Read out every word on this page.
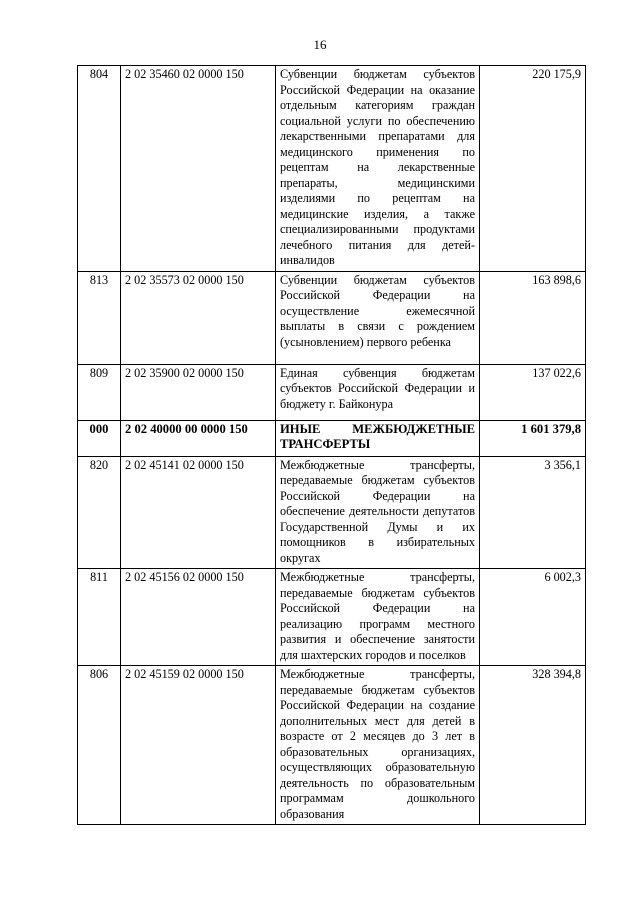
16
804	2 02 35460 02 0000 150	Субвенции бюджетам субъектов Российской Федерации на оказание отдельным категориям граждан социальной услуги по обеспечению лекарственными препаратами для медицинского применения по рецептам на лекарственные препараты, медицинскими изделиями по рецептам на медицинские изделия, а также специализированными продуктами лечебного питания для детей-инвалидов	220 175,9
813	2 02 35573 02 0000 150	Субвенции бюджетам субъектов Российской Федерации на осуществление ежемесячной выплаты в связи с рождением (усыновлением) первого ребенка	163 898,6
809	2 02 35900 02 0000 150	Единая субвенция бюджетам субъектов Российской Федерации и бюджету г. Байконура	137 022,6
000	2 02 40000 00 0000 150	ИНЫЕ МЕЖБЮДЖЕТНЫЕ ТРАНСФЕРТЫ	1 601 379,8
820	2 02 45141 02 0000 150	Межбюджетные трансферты, передаваемые бюджетам субъектов Российской Федерации на обеспечение деятельности депутатов Государственной Думы и их помощников в избирательных округах	3 356,1
811	2 02 45156 02 0000 150	Межбюджетные трансферты, передаваемые бюджетам субъектов Российской Федерации на реализацию программ местного развития и обеспечение занятости для шахтерских городов и поселков	6 002,3
806	2 02 45159 02 0000 150	Межбюджетные трансферты, передаваемые бюджетам субъектов Российской Федерации на создание дополнительных мест для детей в возрасте от 2 месяцев до 3 лет в образовательных организациях, осуществляющих образовательную деятельность по образовательным программам дошкольного образования	328 394,8
